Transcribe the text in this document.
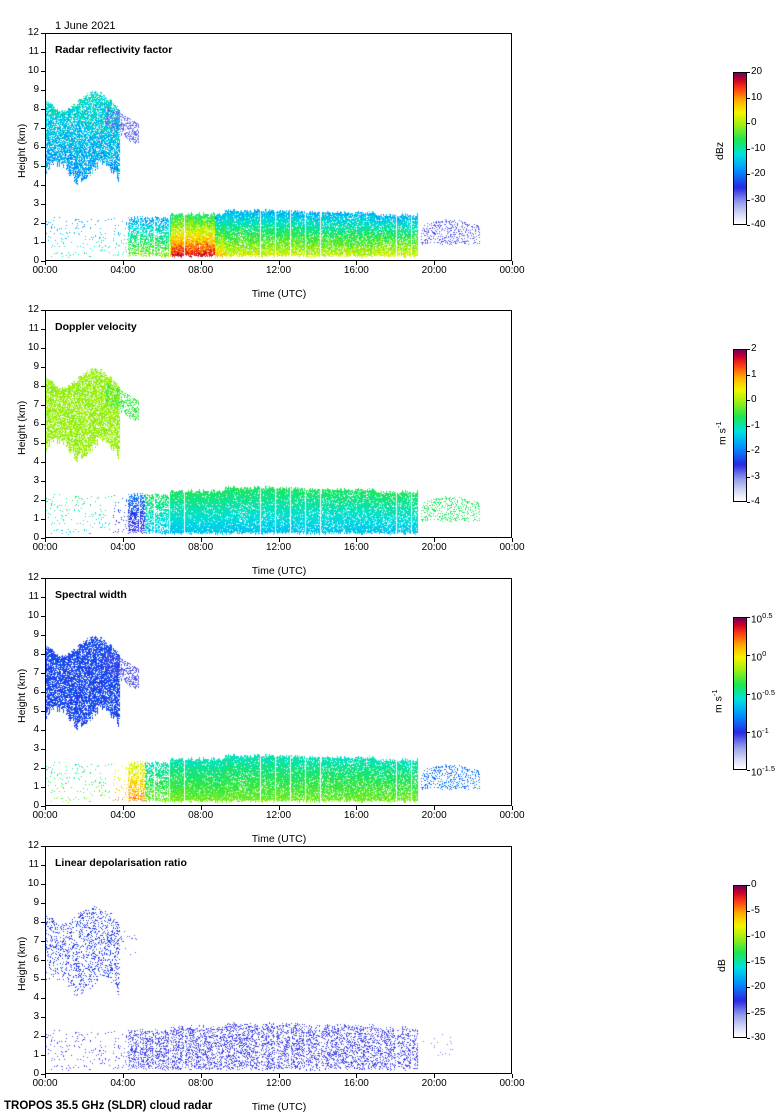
1 June 2021
Radar reflectivity factor
Height (km)
Time (UTC)
dBz
Doppler velocity
Height (km)
Time (UTC)
m $s^{-1}$
Spectral width
Height (km)
Time (UTC)
m $s^{-1}$
Linear depolarisation ratio
Height (km)
Time (UTC)
dB
TROPOS 35.5 GHz (SLDR) cloud radar
0
1
2
3
4
5
6
7
8
9
10
11
12
00:00	04:00	08:00	12:00	16:00	20:00	00:00
0
1
2
3
4
5
6
7
8
9
10
11
12
00:00	04:00	08:00	12:00	16:00	20:00	00:00
0
1
2
3
4
5
6
7
8
9
10
11
12
00:00	04:00	08:00	12:00	16:00	20:00	00:00
0
1
2
3
4
5
6
7
8
9
10
11
12
00:00	04:00	08:00	12:00	16:00	20:00	00:00
20
10
0
-10
-20
-30
-40
2
1
0
-1
-2
-3
-4
$10^{0.5}$
$10^0$
$10^{-0.5}$
$10^{-1}$
$10^{-1.5}$
0
-5
-10
-15
-20
-25
-30
